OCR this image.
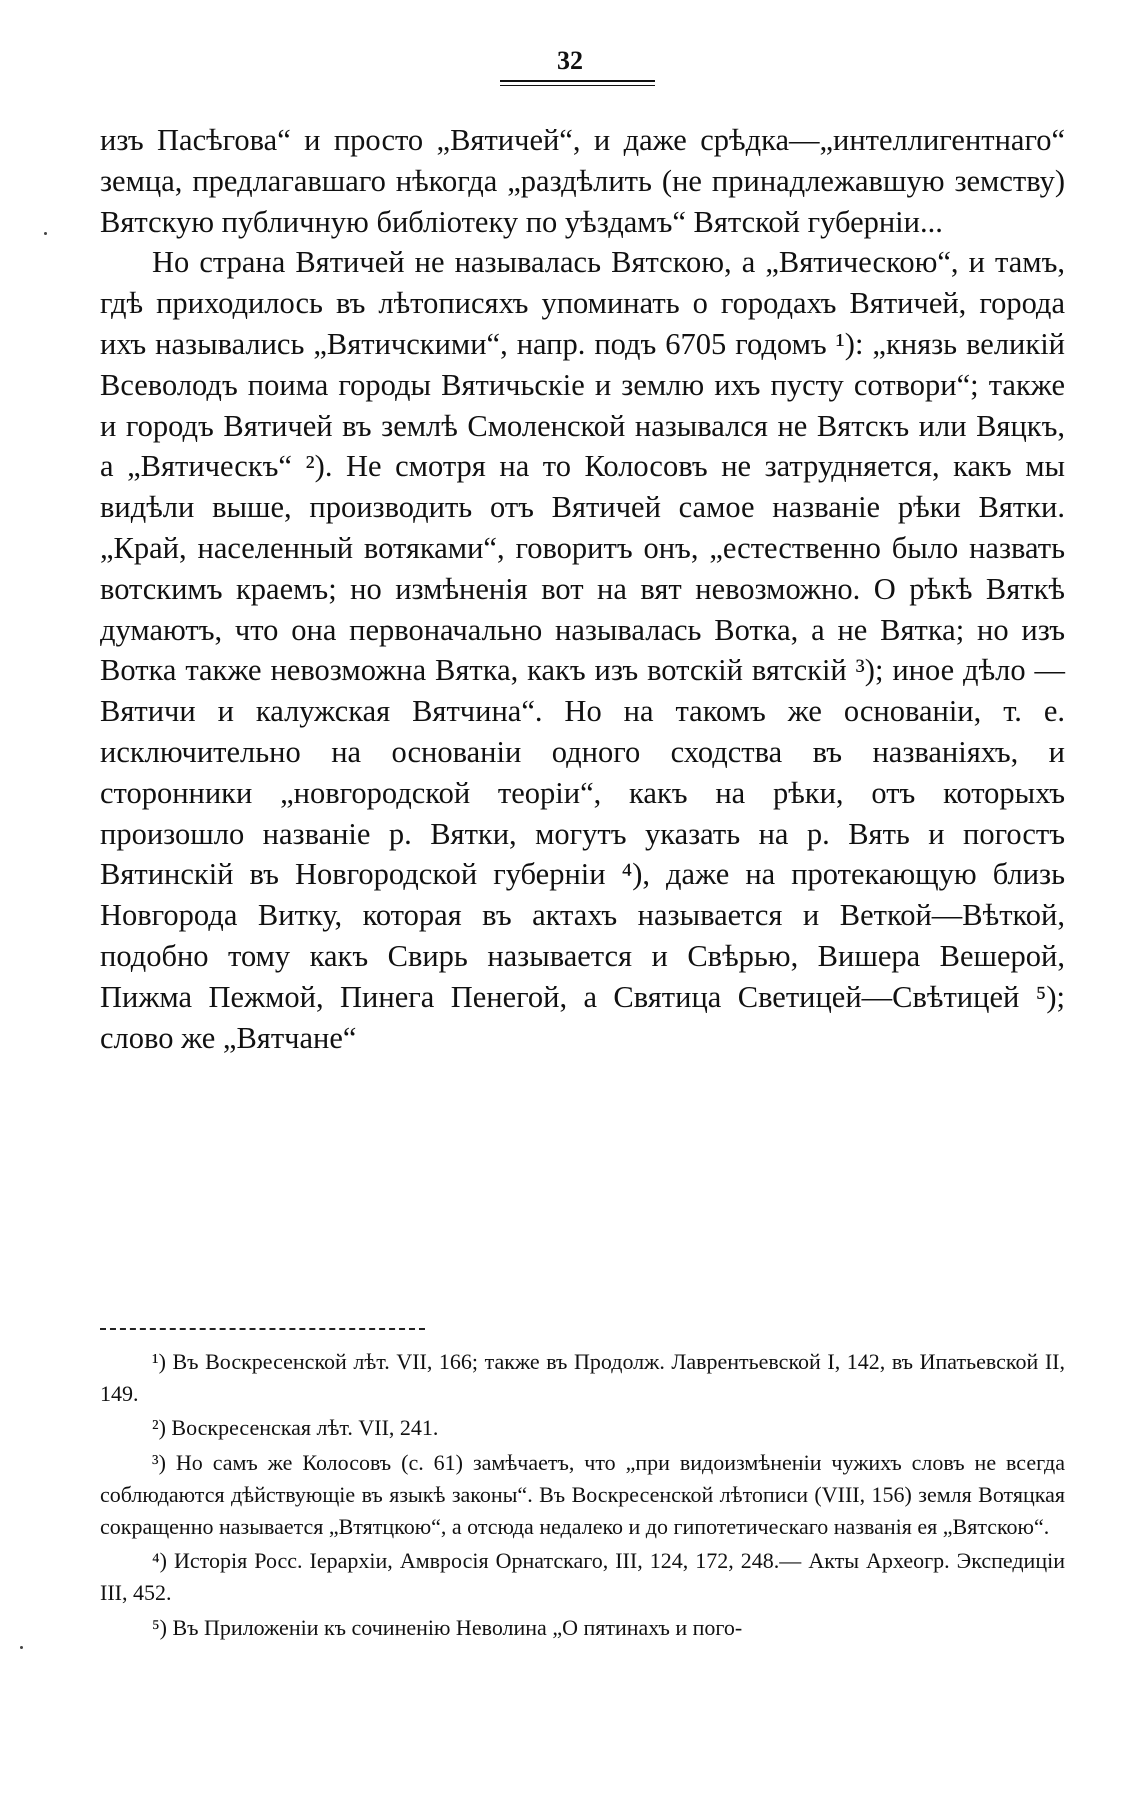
32

изъ Пасѣгова“ и просто „Вятичей“, и даже срѣдка—„интеллигентнаго“ земца, предлагавшаго нѣкогда „раздѣлить (не принадлежавшую земству) Вятскую публичную библіотеку по уѣздамъ“ Вятской губерніи...

Но страна Вятичей не называлась Вятскою, а „Вятическою“, и тамъ, гдѣ приходилось въ лѣтописяхъ упоминать о городахъ Вятичей, города ихъ назывались „Вятичскими“, напр. подъ 6705 годомъ ¹): „князь великій Всеволодъ поима городы Вятичьскіе и землю ихъ пусту сотвори“; также и городъ Вятичей въ землѣ Смоленской назывался не Вятскъ или Вяцкъ, а „Вятическъ“ ²). Не смотря на то Колосовъ не затрудняется, какъ мы видѣли выше, производить отъ Вятичей самое названіе рѣки Вятки. „Край, населенный вотяками“, говоритъ онъ, „естественно было назвать вотскимъ краемъ; но измѣненія вот на вят невозможно. О рѣкѣ Вяткѣ думаютъ, что она первоначально называлась Вотка, а не Вятка; но изъ Вотка также невозможна Вятка, какъ изъ вотскій вятскій ³); иное дѣло — Вятичи и калужская Вятчина“. Но на такомъ же основаніи, т. е. исключительно на основаніи одного сходства въ названіяхъ, и сторонники „новгородской теоріи“, какъ на рѣки, отъ которыхъ произошло названіе р. Вятки, могутъ указать на р. Вять и погостъ Вятинскій въ Новгородской губерніи ⁴), даже на протекающую близь Новгорода Витку, которая въ актахъ называется и Веткой—Вѣткой, подобно тому какъ Свирь называется и Свѣрью, Вишера Вешерой, Пижма Пежмой, Пинега Пенегой, а Святица Светицей—Свѣтицей ⁵); слово же „Вятчане“

¹) Въ Воскресенской лѣт. VII, 166; также въ Продолж. Лаврентьевской I, 142, въ Ипатьевской II, 149.

²) Воскресенская лѣт. VII, 241.

³) Но самъ же Колосовъ (с. 61) замѣчаетъ, что „при видоизмѣненіи чужихъ словъ не всегда соблюдаются дѣйствующіе въ языкѣ законы“. Въ Воскресенской лѣтописи (VIII, 156) земля Вотяцкая сокращенно называется „Втятцкою“, а отсюда недалеко и до гипотетическаго названія ея „Вятскою“.

⁴) Исторія Росс. Іерархіи, Амвросія Орнатскаго, III, 124, 172, 248.— Акты Археогр. Экспедиціи III, 452.

⁵) Въ Приложеніи къ сочиненію Неволина „О пятинахъ и пого-
